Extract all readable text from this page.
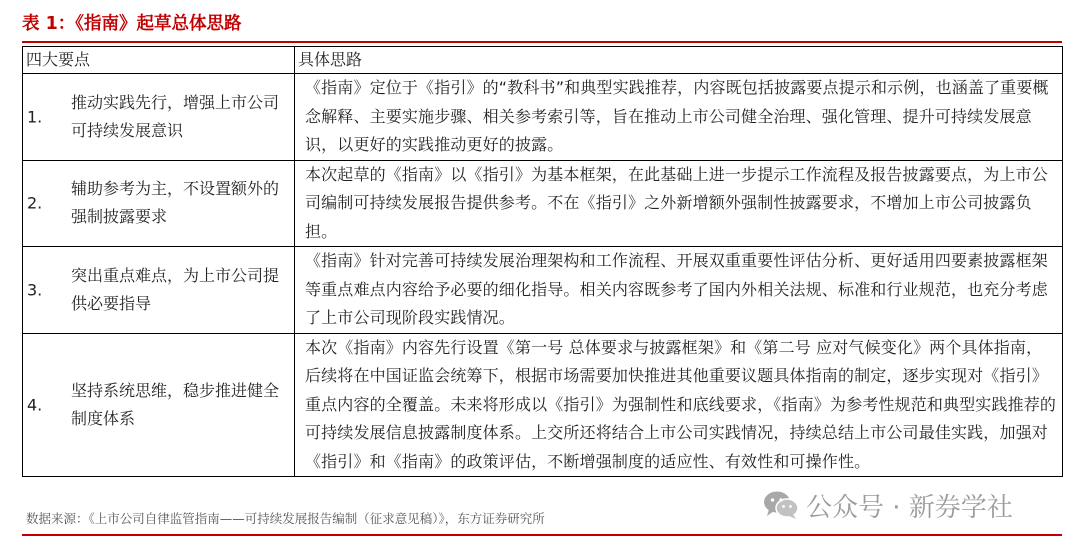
表 1：《指南》起草总体思路
四大要点	具体思路

1.
推动实践先行，增强上市公司可持续发展意识	《指南》定位于《指引》的“教科书”和典型实践推荐，内容既包括披露要点提示和示例，也涵盖了重要概念解释、主要实施步骤、相关参考索引等，旨在推动上市公司健全治理、强化管理、提升可持续发展意识，以更好的实践推动更好的披露。

2.
辅助参考为主，不设置额外的强制披露要求	本次起草的《指南》以《指引》为基本框架，在此基础上进一步提示工作流程及报告披露要点，为上市公司编制可持续发展报告提供参考。不在《指引》之外新增额外强制性披露要求，不增加上市公司披露负担。

3.
突出重点难点，为上市公司提供必要指导	《指南》针对完善可持续发展治理架构和工作流程、开展双重重要性评估分析、更好适用四要素披露框架等重点难点内容给予必要的细化指导。相关内容既参考了国内外相关法规、标准和行业规范，也充分考虑了上市公司现阶段实践情况。

4.
坚持系统思维，稳步推进健全制度体系	本次《指南》内容先行设置《第一号 总体要求与披露框架》和《第二号 应对气候变化》两个具体指南，后续将在中国证监会统筹下，根据市场需要加快推进其他重要议题具体指南的制定，逐步实现对《指引》重点内容的全覆盖。未来将形成以《指引》为强制性和底线要求，《指南》为参考性规范和典型实践推荐的可持续发展信息披露制度体系。上交所还将结合上市公司实践情况，持续总结上市公司最佳实践，加强对《指引》和《指南》的政策评估，不断增强制度的适应性、有效性和可操作性。
数据来源：《上市公司自律监管指南——可持续发展报告编制（征求意见稿）》，东方证券研究所	公众号 · 新券学社
